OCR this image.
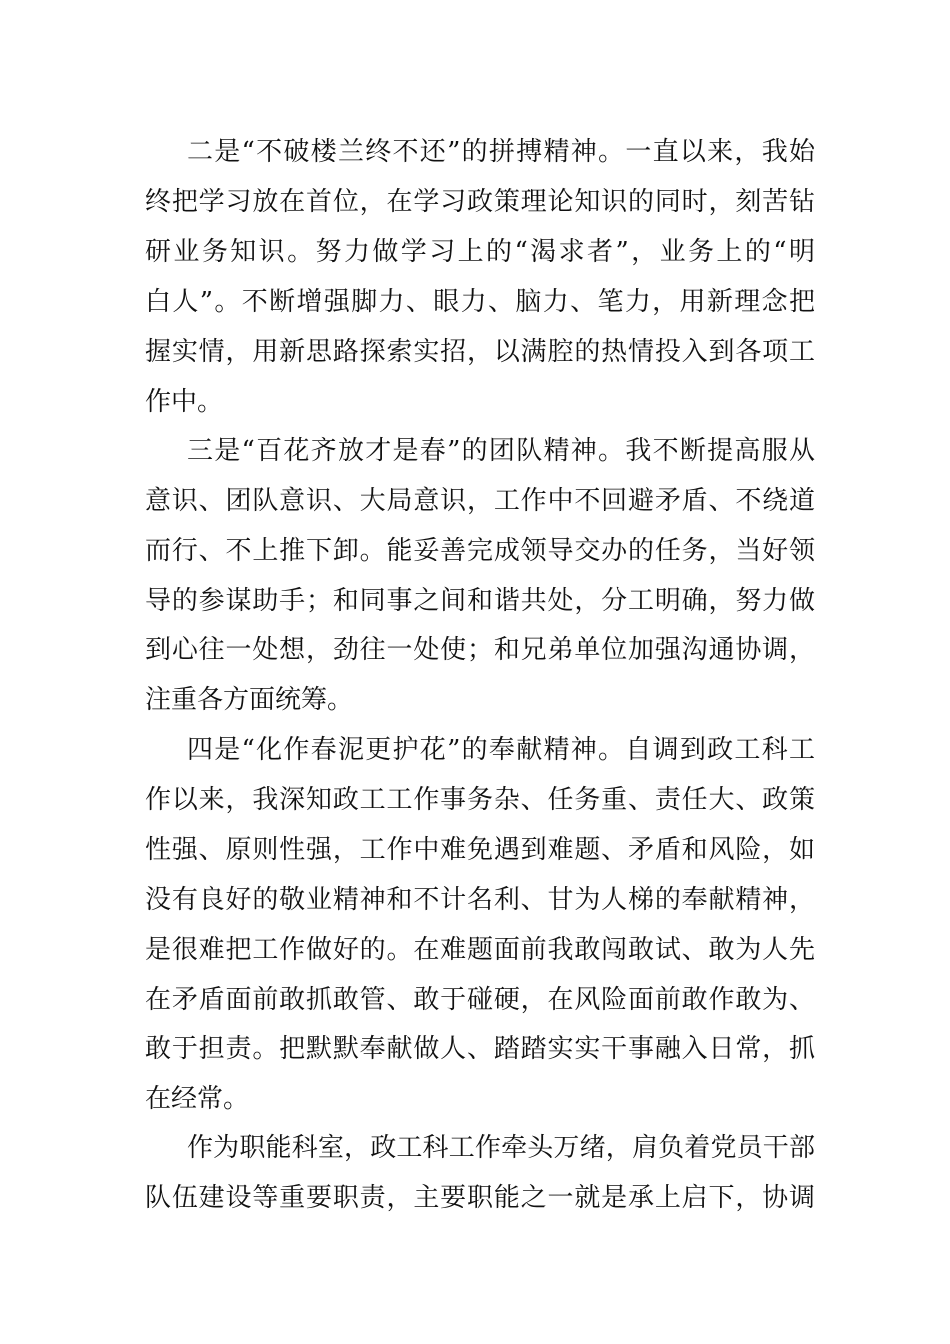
二是“不破楼兰终不还”的拼搏精神。一直以来，我始
终把学习放在首位，在学习政策理论知识的同时，刻苦钻
研业务知识。努力做学习上的“渴求者”，业务上的“明
白人”。不断增强脚力、眼力、脑力、笔力，用新理念把
握实情，用新思路探索实招，以满腔的热情投入到各项工
作中。
三是“百花齐放才是春”的团队精神。我不断提高服从
意识、团队意识、大局意识，工作中不回避矛盾、不绕道
而行、不上推下卸。能妥善完成领导交办的任务，当好领
导的参谋助手；和同事之间和谐共处，分工明确，努力做
到心往一处想，劲往一处使；和兄弟单位加强沟通协调，
注重各方面统筹。
四是“化作春泥更护花”的奉献精神。自调到政工科工
作以来，我深知政工工作事务杂、任务重、责任大、政策
性强、原则性强，工作中难免遇到难题、矛盾和风险，如
没有良好的敬业精神和不计名利、甘为人梯的奉献精神，
是很难把工作做好的。在难题面前我敢闯敢试、敢为人先
在矛盾面前敢抓敢管、敢于碰硬，在风险面前敢作敢为、
敢于担责。把默默奉献做人、踏踏实实干事融入日常，抓
在经常。
作为职能科室，政工科工作牵头万绪，肩负着党员干部
队伍建设等重要职责，主要职能之一就是承上启下，协调
